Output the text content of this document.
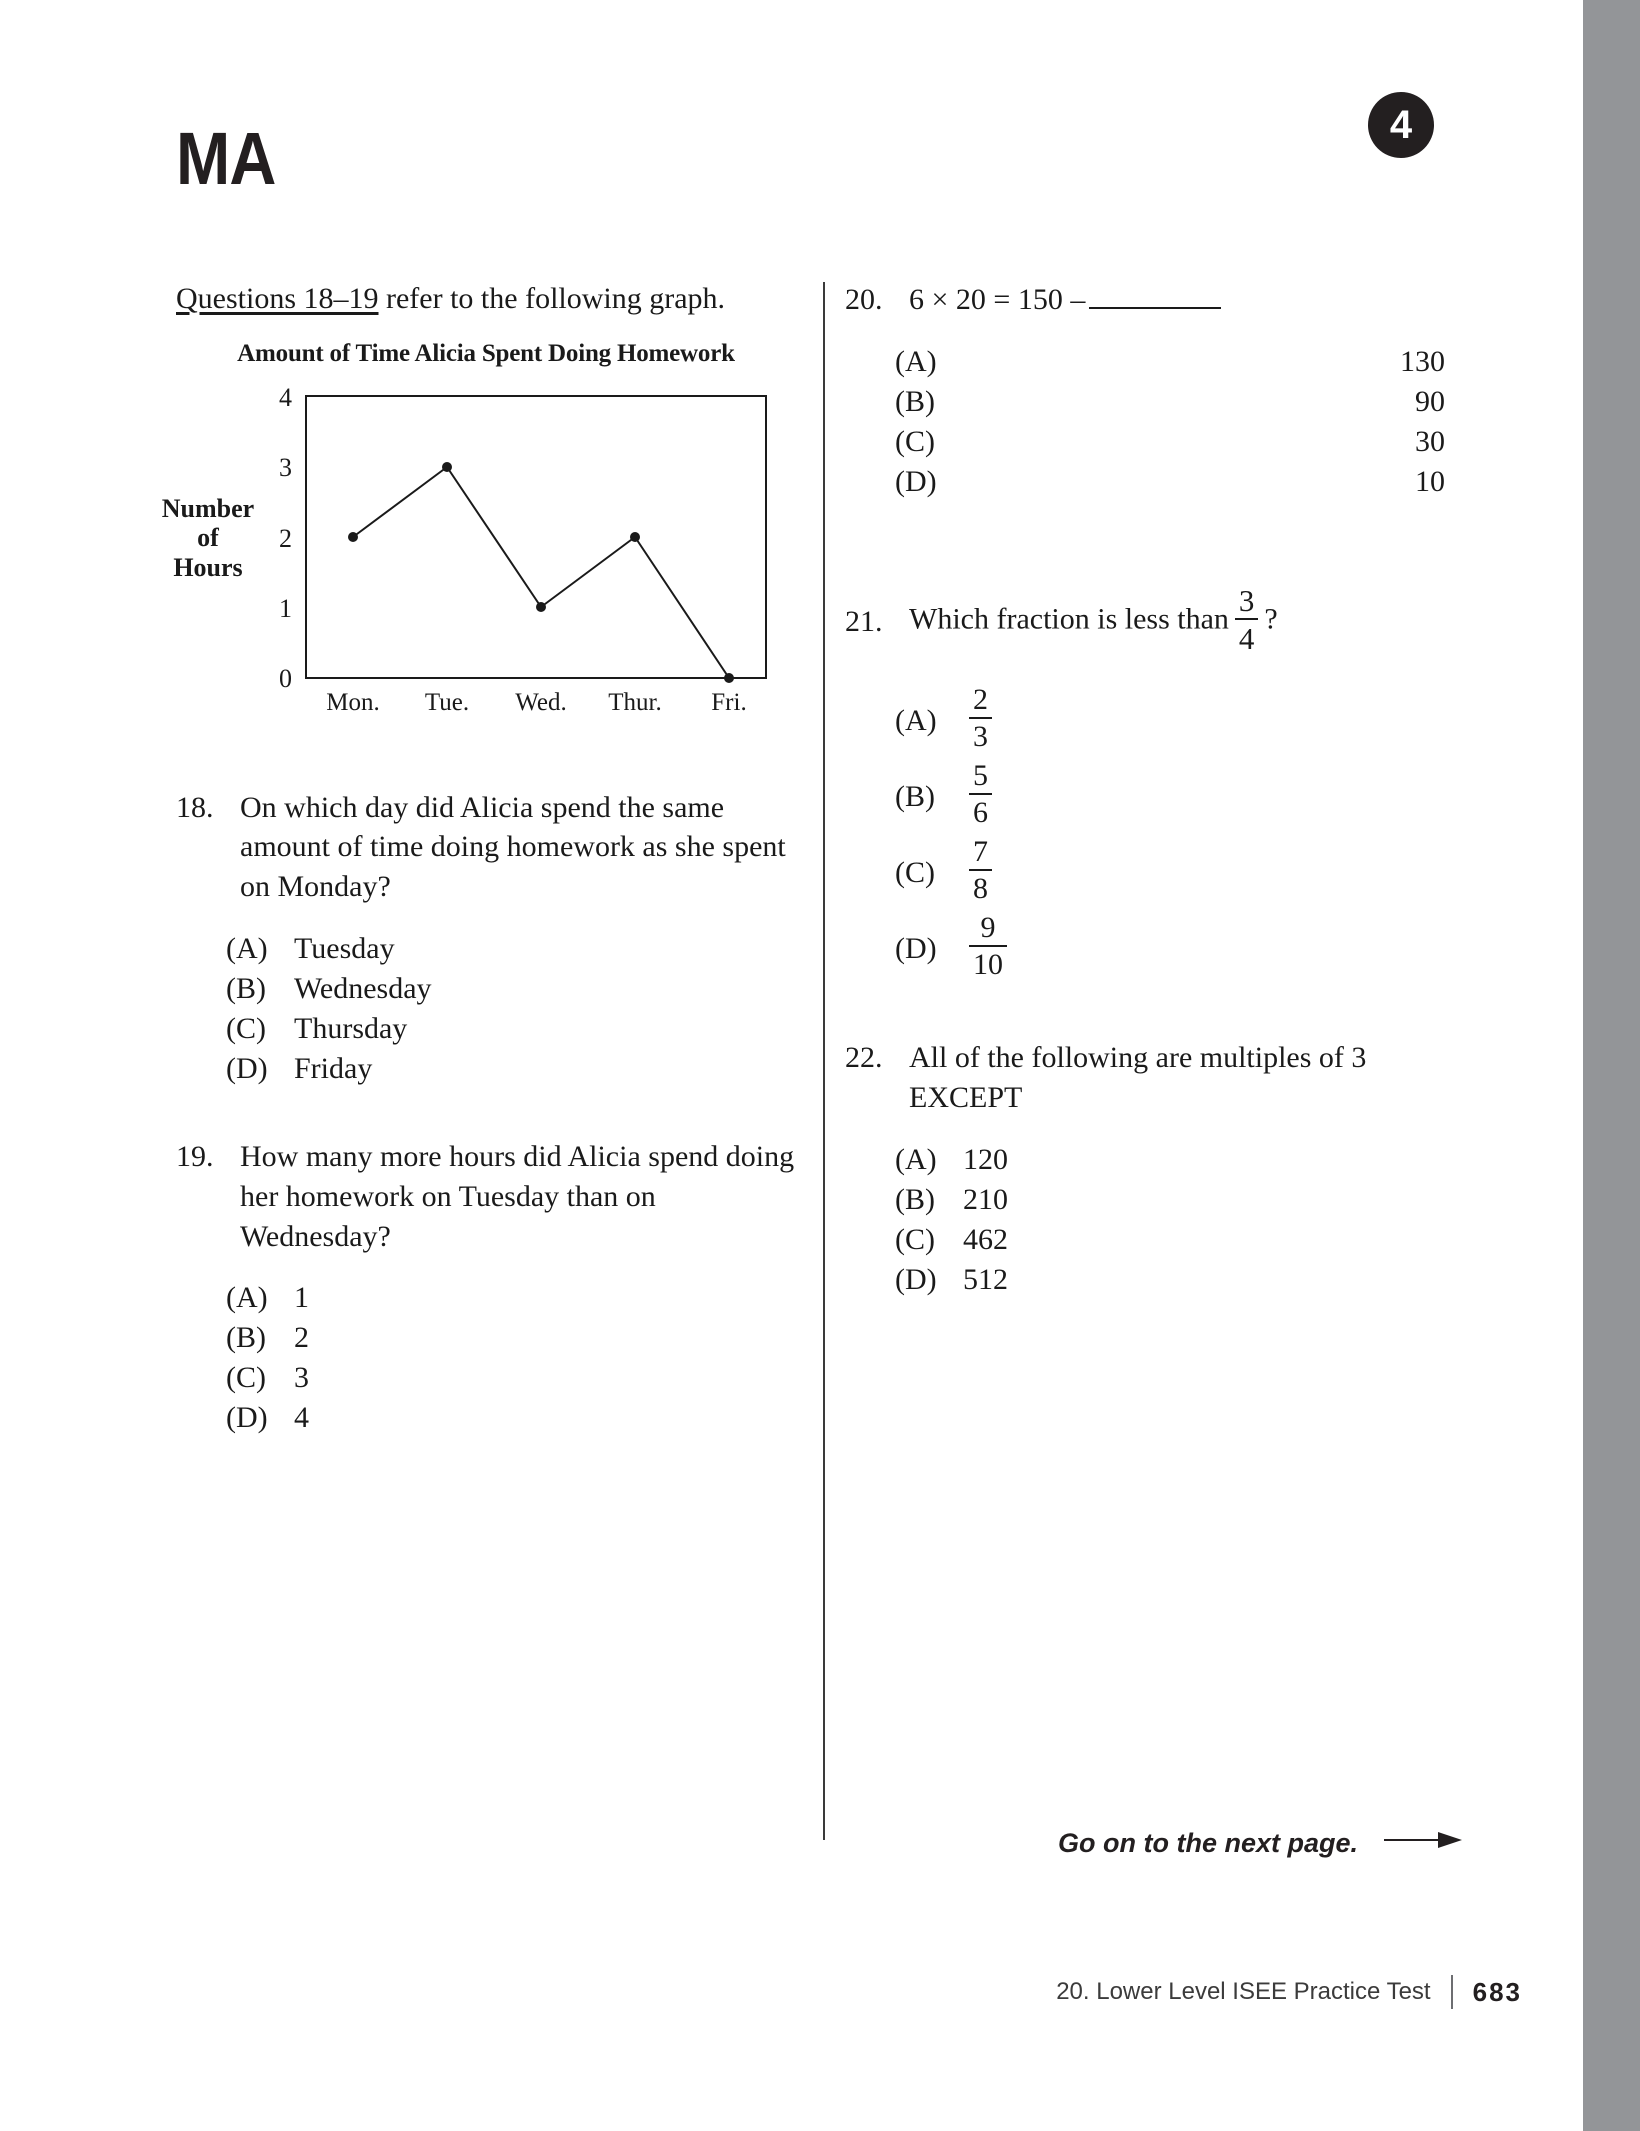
MA	4
Questions 18–19 refer to the following graph.
Amount of Time Alicia Spent Doing Homework
Number
of
Hours
4
3
2
1
0
Mon. Tue. Wed. Thur. Fri.
18. On which day did Alicia spend the same amount of time doing homework as she spent on Monday?
(A) Tuesday
(B) Wednesday
(C) Thursday
(D) Friday
19. How many more hours did Alicia spend doing her homework on Tuesday than on Wednesday?
(A) 1
(B) 2
(C) 3
(D) 4
20. 6 × 20 = 150 –
(A)	130
(B)	90
(C)	30
(D)	10
21. Which fraction is less than $\frac{3}{4}$ ?
(A)	$\frac{2}{3}$
(B)	$\frac{5}{6}$
(C)	$\frac{7}{8}$
(D)	$\frac{9}{10}$
22. All of the following are multiples of 3 EXCEPT
(A) 120
(B) 210
(C) 462
(D) 512
Go on to the next page.
20. Lower Level ISEE Practice Test 683
